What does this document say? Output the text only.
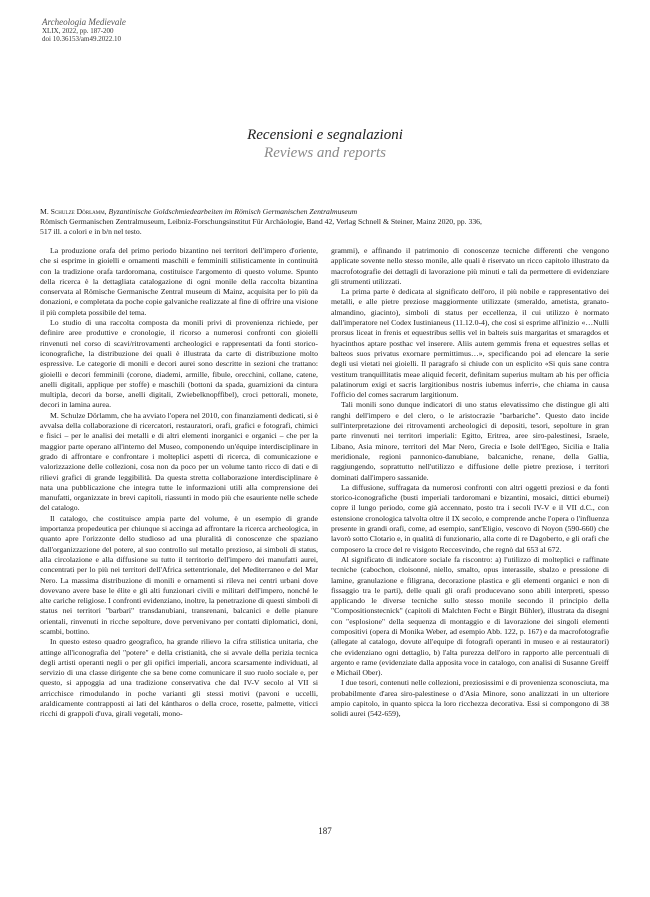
Archeologia Medievale
XLIX, 2022, pp. 187-200
doi 10.36153/am49.2022.10
Recensioni e segnalazioni
Reviews and reports
M. Schulze Dörlamm, Byzantinische Goldschmiedearbeiten im Römisch Germanischen Zentralmuseum
Römisch Germanischen Zentralmuseum, Leibniz-Forschungsinstitut Für Archäologie, Band 42, Verlag Schnell & Steiner, Mainz 2020, pp. 336,
517 ill. a colori e in b/n nel testo.

La produzione orafa del primo periodo bizantino nei territori dell'impero d'oriente, che si esprime in gioielli e ornamenti maschili e femminili stilisticamente in continuità con la tradizione orafa tardoromana, costituisce l'argomento di questo volume. Spunto della ricerca è la dettagliata catalogazione di ogni monile della raccolta bizantina conservata al Römische Germanische Zentral museum di Mainz, acquisita per lo più da donazioni, e completata da poche copie galvaniche realizzate al fine di offrire una visione il più completa possibile del tema.

Lo studio di una raccolta composta da monili privi di provenienza richiede, per definire aree produttive e cronologie, il ricorso a numerosi confronti con gioielli rinvenuti nel corso di scavi/ritrovamenti archeologici e rappresentati da fonti storico-iconografiche, la distribuzione dei quali è illustrata da carte di distribuzione molto espressive. Le categorie di monili e decori aurei sono descritte in sezioni che trattano: gioielli e decori femminili (corone, diademi, armille, fibule, orecchini, collane, catene, anelli digitali, applique per stoffe) e maschili (bottoni da spada, guarnizioni da cintura multipla, decori da borse, anelli digitali, Zwiebelknopffibel), croci pettorali, monete, decori in lamina aurea.

M. Schulze Dörlamm, che ha avviato l'opera nel 2010, con finanziamenti dedicati, si è avvalsa della collaborazione di ricercatori, restauratori, orafi, grafici e fotografi, chimici e fisici – per le analisi dei metalli e di altri elementi inorganici e organici – che per la maggior parte operano all'interno del Museo, componendo un'équipe interdisciplinare in grado di affrontare e confrontare i molteplici aspetti di ricerca, di comunicazione e valorizzazione delle collezioni, cosa non da poco per un volume tanto ricco di dati e di rilievi grafici di grande leggibilità. Da questa stretta collaborazione interdisciplinare è nata una pubblicazione che integra tutte le informazioni utili alla comprensione dei manufatti, organizzate in brevi capitoli, riassunti in modo più che esauriente nelle schede del catalogo.

Il catalogo, che costituisce ampia parte del volume, è un esempio di grande importanza propedeutica per chiunque si accinga ad affrontare la ricerca archeologica, in quanto apre l'orizzonte dello studioso ad una pluralità di conoscenze che spaziano dall'organizzazione del potere, al suo controllo sul metallo prezioso, ai simboli di status, alla circolazione e alla diffusione su tutto il territorio dell'impero dei manufatti aurei, concentrati per lo più nei territori dell'Africa settentrionale, del Mediterraneo e del Mar Nero. La massima distribuzione di monili e ornamenti si rileva nei centri urbani dove dovevano avere base le élite e gli alti funzionari civili e militari dell'impero, nonché le alte cariche religiose. I confronti evidenziano, inoltre, la penetrazione di questi simboli di status nei territori "barbari" transdanubiani, transrenani, balcanici e delle pianure orientali, rinvenuti in ricche sepolture, dove pervenivano per contatti diplomatici, doni, scambi, bottino.

In questo esteso quadro geografico, ha grande rilievo la cifra stilistica unitaria, che attinge all'iconografia del "potere" e della cristianità, che si avvale della perizia tecnica degli artisti operanti negli o per gli opifici imperiali, ancora scarsamente individuati, al servizio di una classe dirigente che sa bene come comunicare il suo ruolo sociale e, per questo, si appoggia ad una tradizione conservativa che dal IV-V secolo al VII si arricchisce rimodulando in poche varianti gli stessi motivi (pavoni e uccelli, araldicamente contrapposti ai lati del kántharos o della croce, rosette, palmette, viticci ricchi di grappoli d'uva, girali vegetali, mono-

grammi), e affinando il patrimonio di conoscenze tecniche differenti che vengono applicate sovente nello stesso monile, alle quali è riservato un ricco capitolo illustrato da macrofotografie dei dettagli di lavorazione più minuti e tali da permettere di evidenziare gli strumenti utilizzati.

La prima parte è dedicata al significato dell'oro, il più nobile e rappresentativo dei metalli, e alle pietre preziose maggiormente utilizzate (smeraldo, ametista, granato-almandino, giacinto), simboli di status per eccellenza, il cui utilizzo è normato dall'imperatore nel Codex Iustinianeus (11.12.0-4), che così si esprime all'inizio «…Nulli prorsus liceat in frenis et equestribus sellis vel in balteis suis margaritas et smaragdos et hyacinthos aptare posthac vel inserere. Aliis autem gemmis frena et equestres sellas et balteos suos privatus exornare permittimus…», specificando poi ad elencare la serie degli usi vietati nei gioielli. Il paragrafo si chiude con un esplicito «Si quis sane contra vestitum tranquillitatis meae aliquid fecerit, definitam superius multam ab his per officia palatinorum exigi et sacris largitionibus nostris iubemus inferri», che chiama in causa l'officio del comes sacrarum largitionum.

Tali monili sono dunque indicatori di uno status elevatissimo che distingue gli alti ranghi dell'impero e del clero, o le aristocrazie "barbariche". Questo dato incide sull'interpretazione dei ritrovamenti archeologici di depositi, tesori, sepolture in gran parte rinvenuti nei territori imperiali: Egitto, Eritrea, aree siro-palestinesi, Israele, Libano, Asia minore, territori del Mar Nero, Grecia e Isole dell'Egeo, Sicilia e Italia meridionale, regioni pannonico-danubiane, balcaniche, renane, della Gallia, raggiungendo, soprattutto nell'utilizzo e diffusione delle pietre preziose, i territori dominati dall'impero sassanide.

La diffusione, suffragata da numerosi confronti con altri oggetti preziosi e da fonti storico-iconografiche (busti imperiali tardoromani e bizantini, mosaici, dittici eburnei) copre il lungo periodo, come già accennato, posto tra i secoli IV-V e il VII d.C., con estensione cronologica talvolta oltre il IX secolo, e comprende anche l'opera o l'influenza presente in grandi orafi, come, ad esempio, sant'Eligio, vescovo di Noyon (590-660) che lavorò sotto Clotario e, in qualità di funzionario, alla corte di re Dagoberto, e gli orafi che composero la croce del re visigoto Reccesvindo, che regnò dal 653 al 672.

Al significato di indicatore sociale fa riscontro: a) l'utilizzo di molteplici e raffinate tecniche (cabochon, cloisonné, niello, smalto, opus interassile, sbalzo e pressione di lamine, granulazione e filigrana, decorazione plastica e gli elementi organici e non di fissaggio tra le parti), delle quali gli orafi producevano sono abili interpreti, spesso applicando le diverse tecniche sullo stesso monile secondo il principio della "Compositionstecnick" (capitoli di Malchten Fecht e Birgit Bühler), illustrata da disegni con "esplosione" della sequenza di montaggio e di lavorazione dei singoli elementi compositivi (opera di Monika Weber, ad esempio Abb. 122, p. 167) e da macrofotografie (allegate al catalogo, dovute all'equipe di fotografi operanti in museo e ai restauratori) che evidenziano ogni dettaglio, b) l'alta purezza dell'oro in rapporto alle percentuali di argento e rame (evidenziate dalla apposita voce in catalogo, con analisi di Susanne Greiff e Michail Ober).

I due tesori, contenuti nelle collezioni, preziosissimi e di provenienza sconosciuta, ma probabilmente d'area siro-palestinese o d'Asia Minore, sono analizzati in un ulteriore ampio capitolo, in quanto spicca la loro ricchezza decorativa. Essi si compongono di 38 solidi aurei (542-659),

187
